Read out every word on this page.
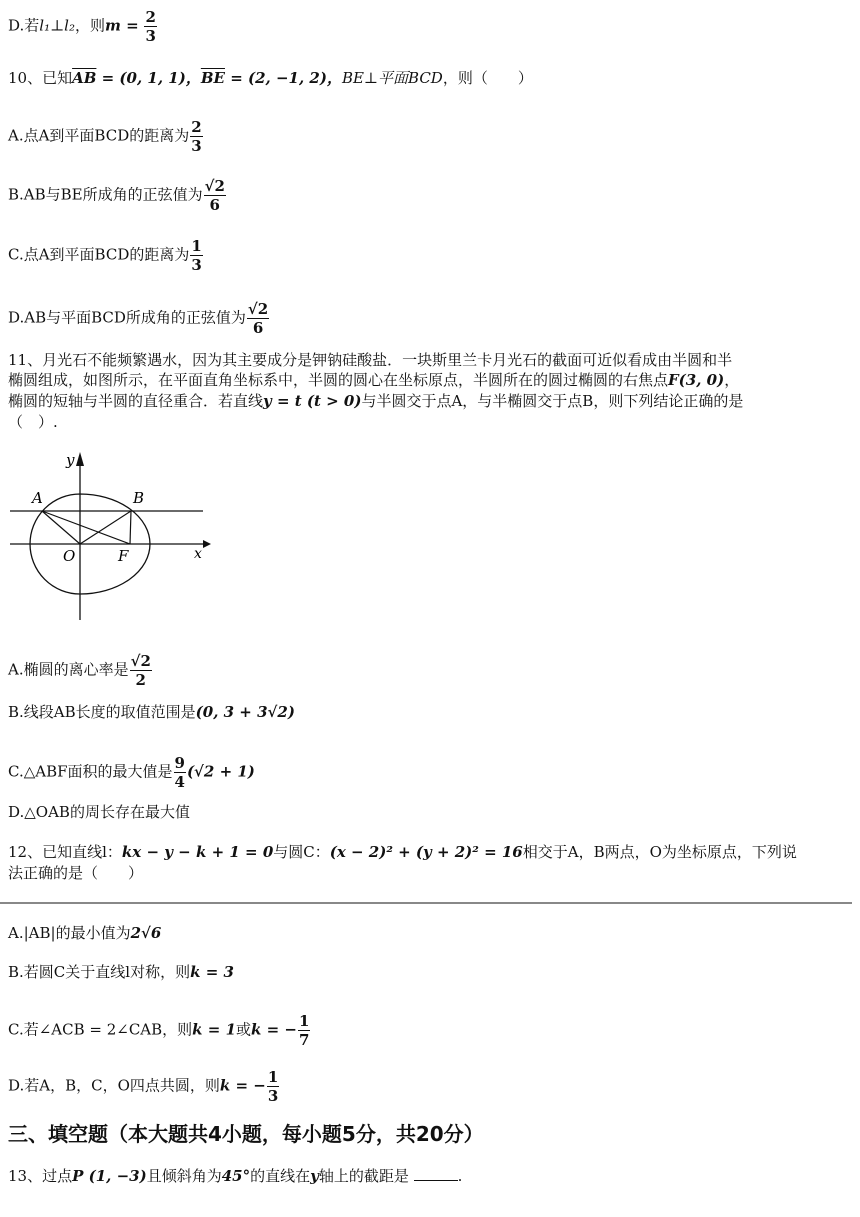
D.若l₁⊥l₂，则$m = \frac{2}{3}$
10、已知$\overline{AB} = (0$, 1, 1)，$\overline{BE} = (2$, −1, 2)，BE⊥平面BCD，则（　　）
A.点A到平面BCD的距离为 $\frac{2}{3}$
B.AB与BE所成角的正弦值为 $\frac{√2}{6}$
C.点A到平面BCD的距离为 $\frac{1}{3}$
D.AB与平面BCD所成角的正弦值为 $\frac{√2}{6}$
11、月光石不能频繁遇水，因为其主要成分是钾钠硅酸盐．一块斯里兰卡月光石的截面可近似看成由半圆和半
椭圆组成，如图所示，在平面直角坐标系中，半圆的圆心在坐标原点，半圆所在的圆过椭圆的右焦点F(3, 0)，
椭圆的短轴与半圆的直径重合．若直线y = t (t > 0)与半圆交于点A，与半椭圆交于点B，则下列结论正确的是
（　）.
y
A	B
O	F	x
A.椭圆的离心率是 $\frac{√2}{2}$
B.线段AB长度的取值范围是(0, 3 + 3√2)
C.△ABF面积的最大值是 $\frac{9}{4} (√2 + 1)$
D.△OAB的周长存在最大值
12、已知直线l：kx − y − k + 1 = 0与圆C：(x − 2)² + (y + 2)² = 16相交于A，B两点，O为坐标原点，下列说
法正确的是（　　）
A.|AB|的最小值为2√6
B.若圆C关于直线l对称，则k = 3
C.若∠ACB = 2∠CAB，则k = 1或k = − $\frac{1}{7}$
D.若A，B，C，O四点共圆，则k = − $\frac{1}{3}$
三、填空题（本大题共4小题，每小题5分，共20分）
13、过点P (1, −3)且倾斜角为45°的直线在y轴上的截距是	.
